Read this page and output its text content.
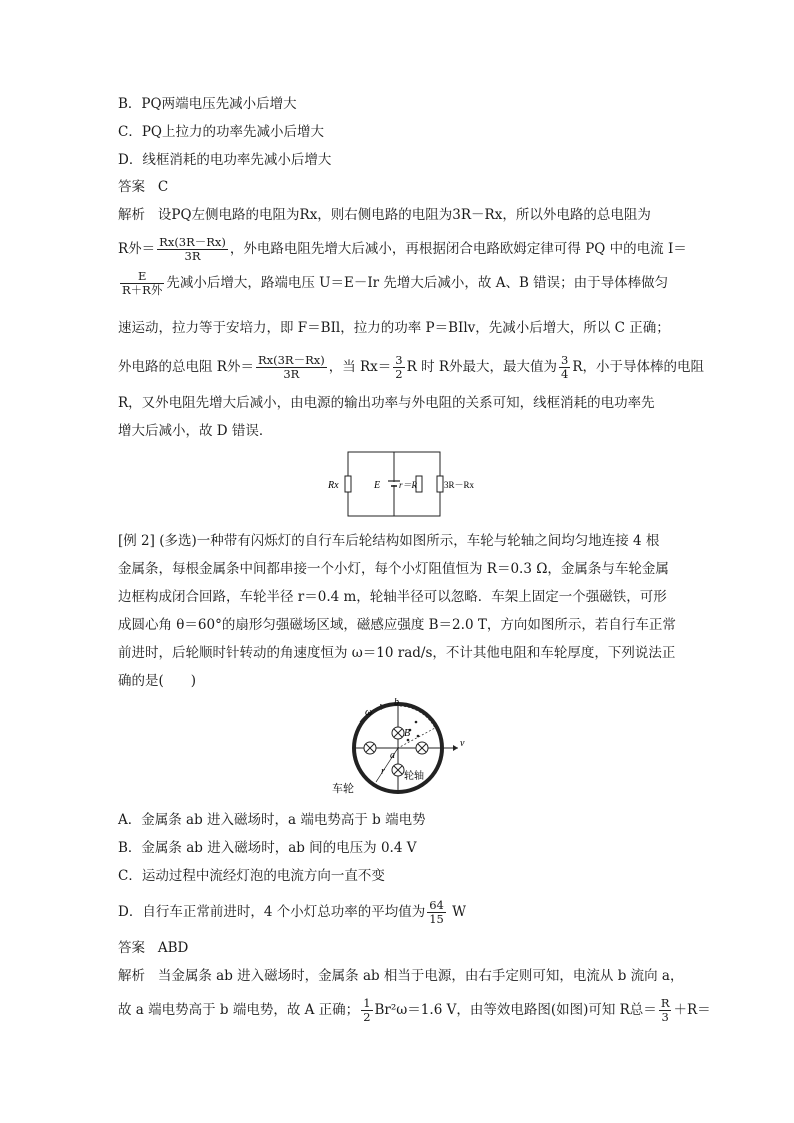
B．PQ两端电压先减小后增大
C．PQ上拉力的功率先减小后增大
D．线框消耗的电功率先减小后增大
答案 C
解析 设PQ左侧电路的电阻为Rx，则右侧电路的电阻为3R－Rx，所以外电路的总电阻为
R外＝ $\frac{Rx(3R-Rx)}{3R}$ ，外电路电阻先增大后减小，再根据闭合电路欧姆定律可得 PQ 中的电流 I＝
$\frac{E}{\text{R＋R外}}$ 先减小后增大，路端电压 U＝E－Ir 先增大后减小，故 A、B 错误；由于导体棒做匀
速运动，拉力等于安培力，即 F＝BIl，拉力的功率 P＝BIlv，先减小后增大，所以 C 正确；
外电路的总电阻 R外＝ $\frac{Rx(3R-Rx)}{3R}$ ，当 $Rx= \frac{3}{2}$ R 时 R外最大，最大值为 $\frac{3}{4}$ R，小于导体棒的电阻
R，又外电阻先增大后减小，由电源的输出功率与外电阻的关系可知，线框消耗的电功率先
增大后减小，故 D 错误．
Rx	E r＝R	3R－Rx
[例 2] (多选)一种带有闪烁灯的自行车后轮结构如图所示，车轮与轮轴之间均匀地连接 4 根
金属条，每根金属条中间都串接一个小灯，每个小灯阻值恒为 R＝0.3 Ω，金属条与车轮金属
边框构成闭合回路，车轮半径 r＝0.4 m，轮轴半径可以忽略．车架上固定一个强磁铁，可形
成圆心角 θ＝60°的扇形匀强磁场区域，磁感应强度 B＝2.0 T，方向如图所示，若自行车正常
前进时，后轮顺时针转动的角速度恒为 ω＝10 rad/s，不计其他电阻和车轮厚度，下列说法正
确的是(　　)
ω
b
B
a
r
v
轮轴
车轮
A．金属条 ab 进入磁场时，a 端电势高于 b 端电势
B．金属条 ab 进入磁场时，ab 间的电压为 0.4 V
C．运动过程中流经灯泡的电流方向一直不变
D．自行车正常前进时，4 个小灯总功率的平均值为 $\frac{64}{15}$ W
答案 ABD
解析 当金属条 ab 进入磁场时，金属条 ab 相当于电源，由右手定则可知，电流从 b 流向 a，
故 a 端电势高于 b 端电势，故 A 正确； $\frac{1}{2} Br^2\omega=1.6$ V，由等效电路图(如图)可知 R总＝ $\frac{R}{3} +R=$
